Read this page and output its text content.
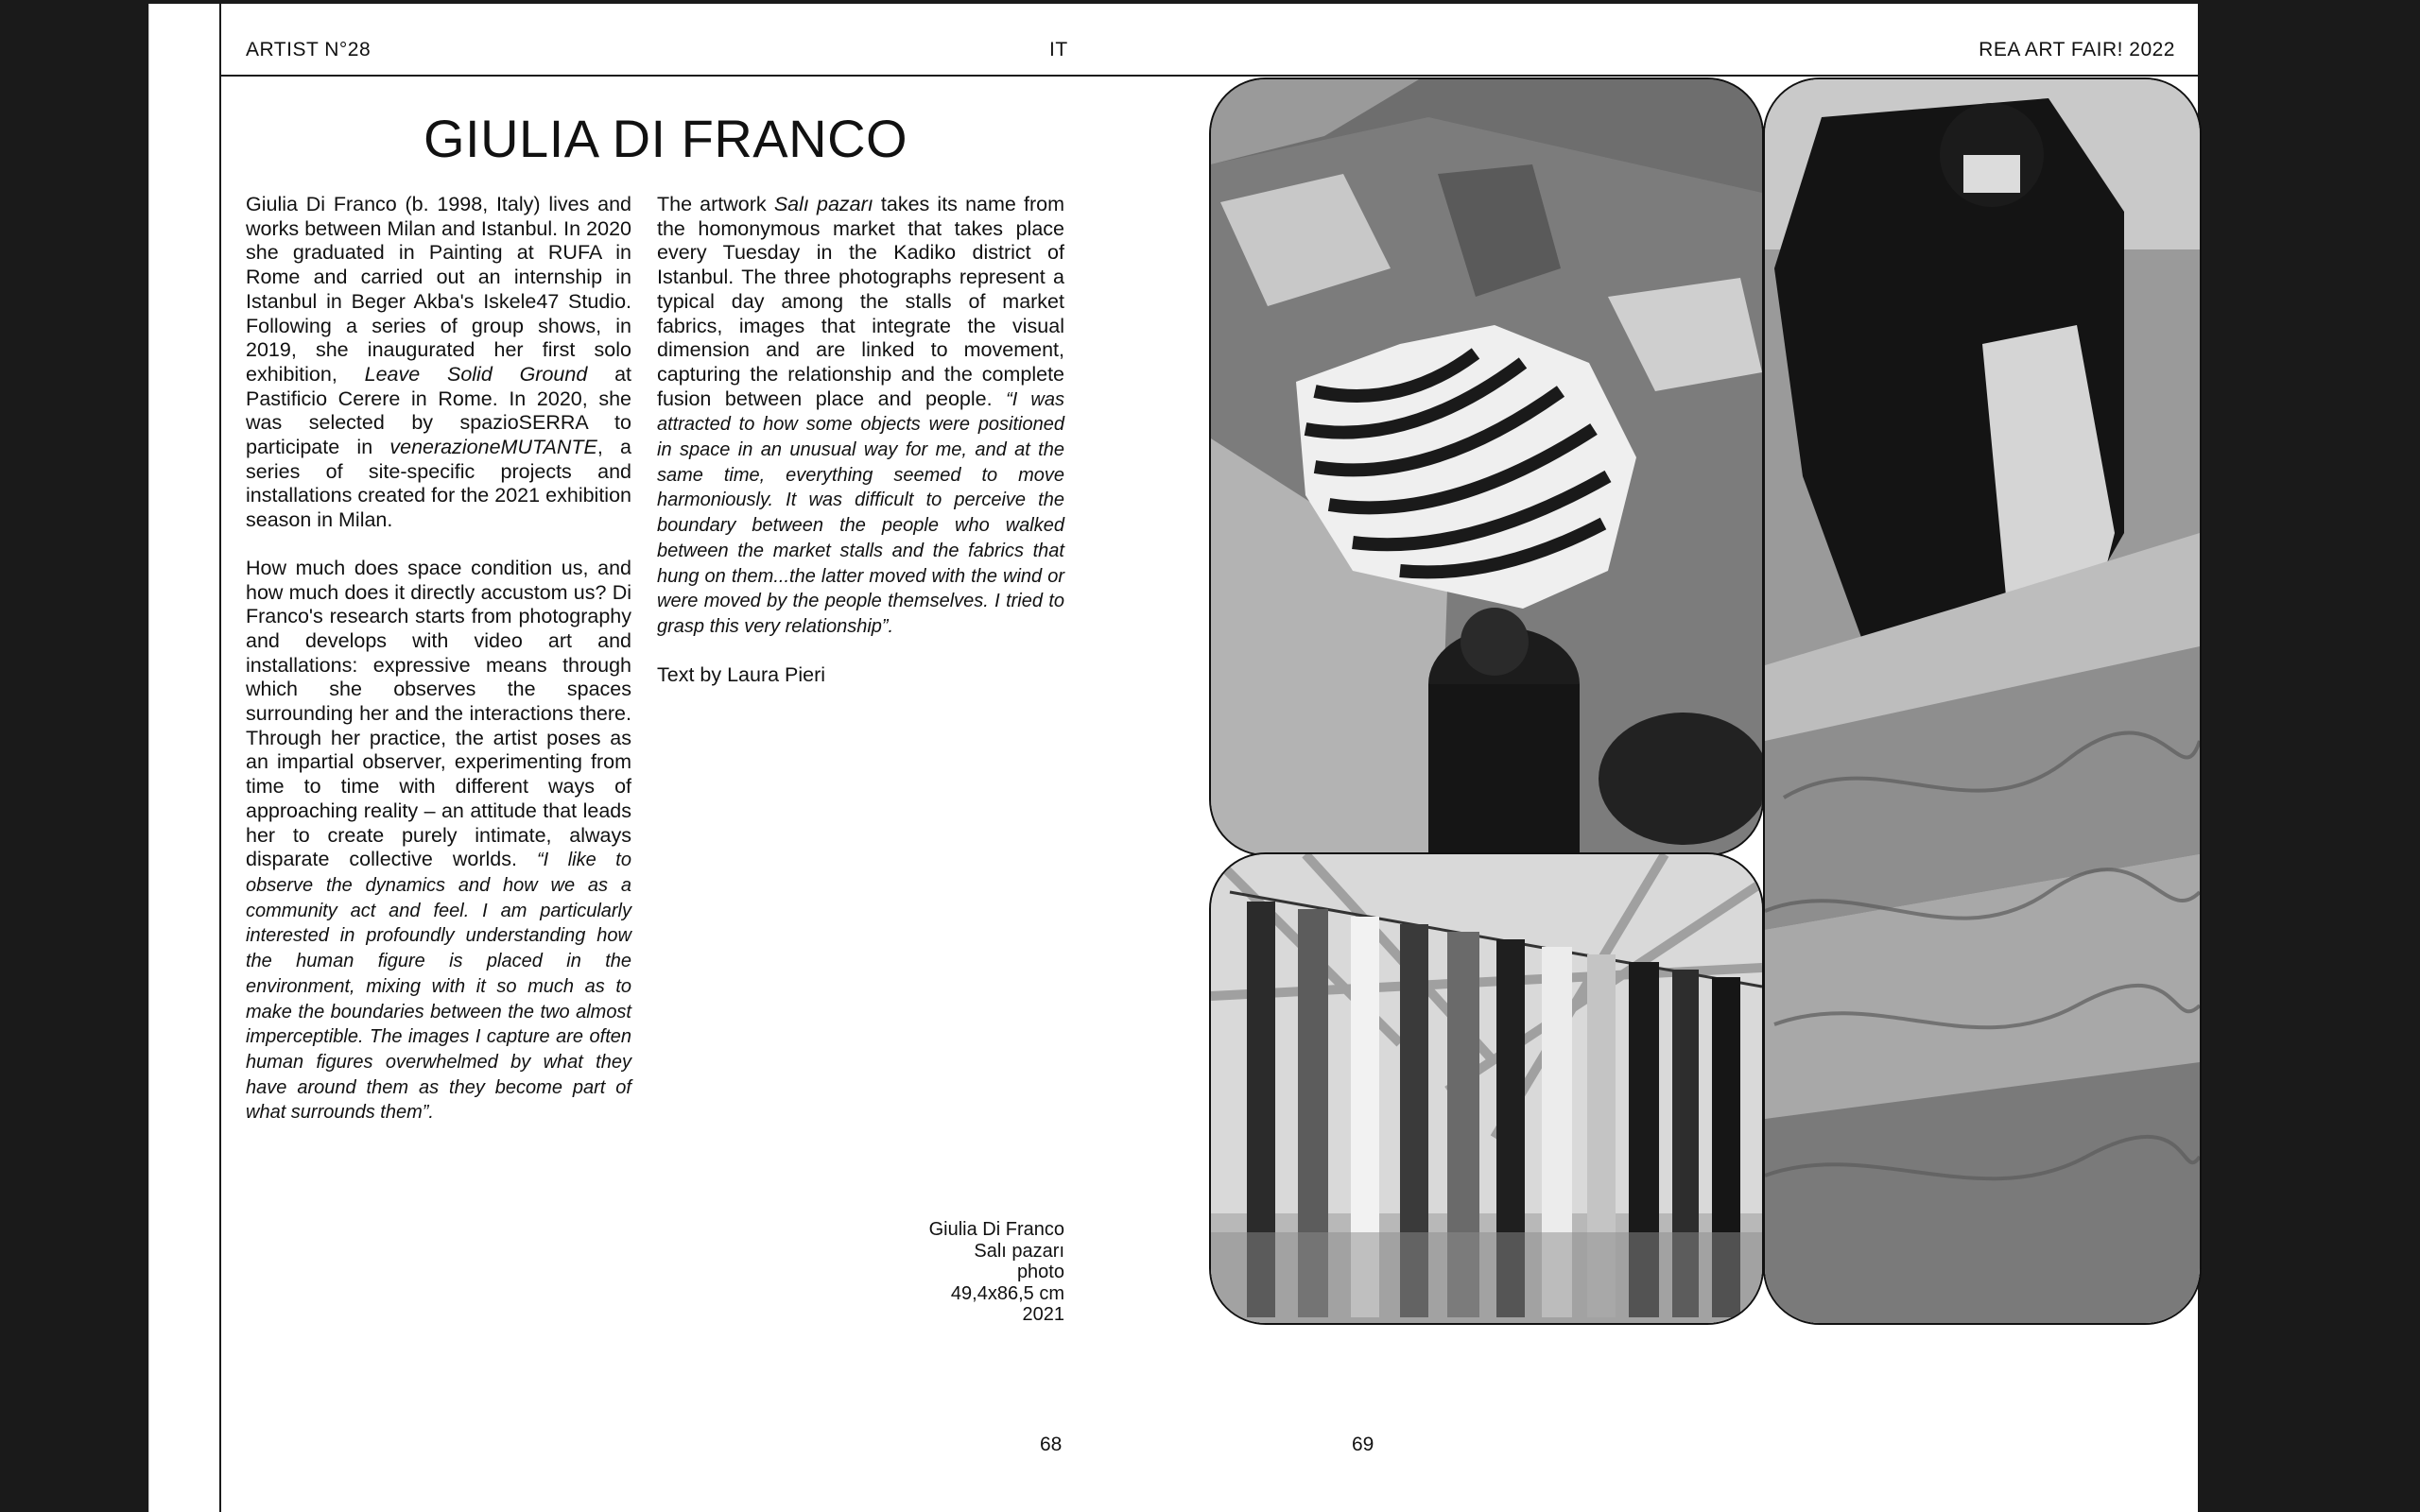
ARTIST N°28	IT	REA ART FAIR! 2022
GIULIA DI FRANCO

Giulia Di Franco (b. 1998, Italy) lives and works between Milan and Istanbul. In 2020 she graduated in Painting at RUFA in Rome and carried out an internship in Istanbul in Beger Akba's Iskele47 Studio. Following a series of group shows, in 2019, she inaugurated her first solo exhibition, Leave Solid Ground at Pastificio Cerere in Rome. In 2020, she was selected by spazioSERRA to participate in venerazioneMUTANTE, a series of site-specific projects and installations created for the 2021 exhibition season in Milan.

How much does space condition us, and how much does it directly accustom us? Di Franco's research starts from photography and develops with video art and installations: expressive means through which she observes the spaces surrounding her and the interactions there. Through her practice, the artist poses as an impartial observer, experimenting from time to time with different ways of approaching reality – an attitude that leads her to create purely intimate, always disparate collective worlds. “I like to observe the dynamics and how we as a community act and feel. I am particularly interested in profoundly understanding how the human figure is placed in the environment, mixing with it so much as to make the boundaries between the two almost imperceptible. The images I capture are often human figures overwhelmed by what they have around them as they become part of what surrounds them”.

The artwork Salı pazarı takes its name from the homonymous market that takes place every Tuesday in the Kadiko district of Istanbul. The three photographs represent a typical day among the stalls of market fabrics, images that integrate the visual dimension and are linked to movement, capturing the relationship and the complete fusion between place and people. “I was attracted to how some objects were positioned in space in an unusual way for me, and at the same time, everything seemed to move harmoniously. It was difficult to perceive the boundary between the people who walked between the market stalls and the fabrics that hung on them...the latter moved with the wind or were moved by the people themselves. I tried to grasp this very relationship”.

Text by Laura Pieri

Giulia Di Franco
Salı pazarı
photo
49,4x86,5 cm
2021
68	69
